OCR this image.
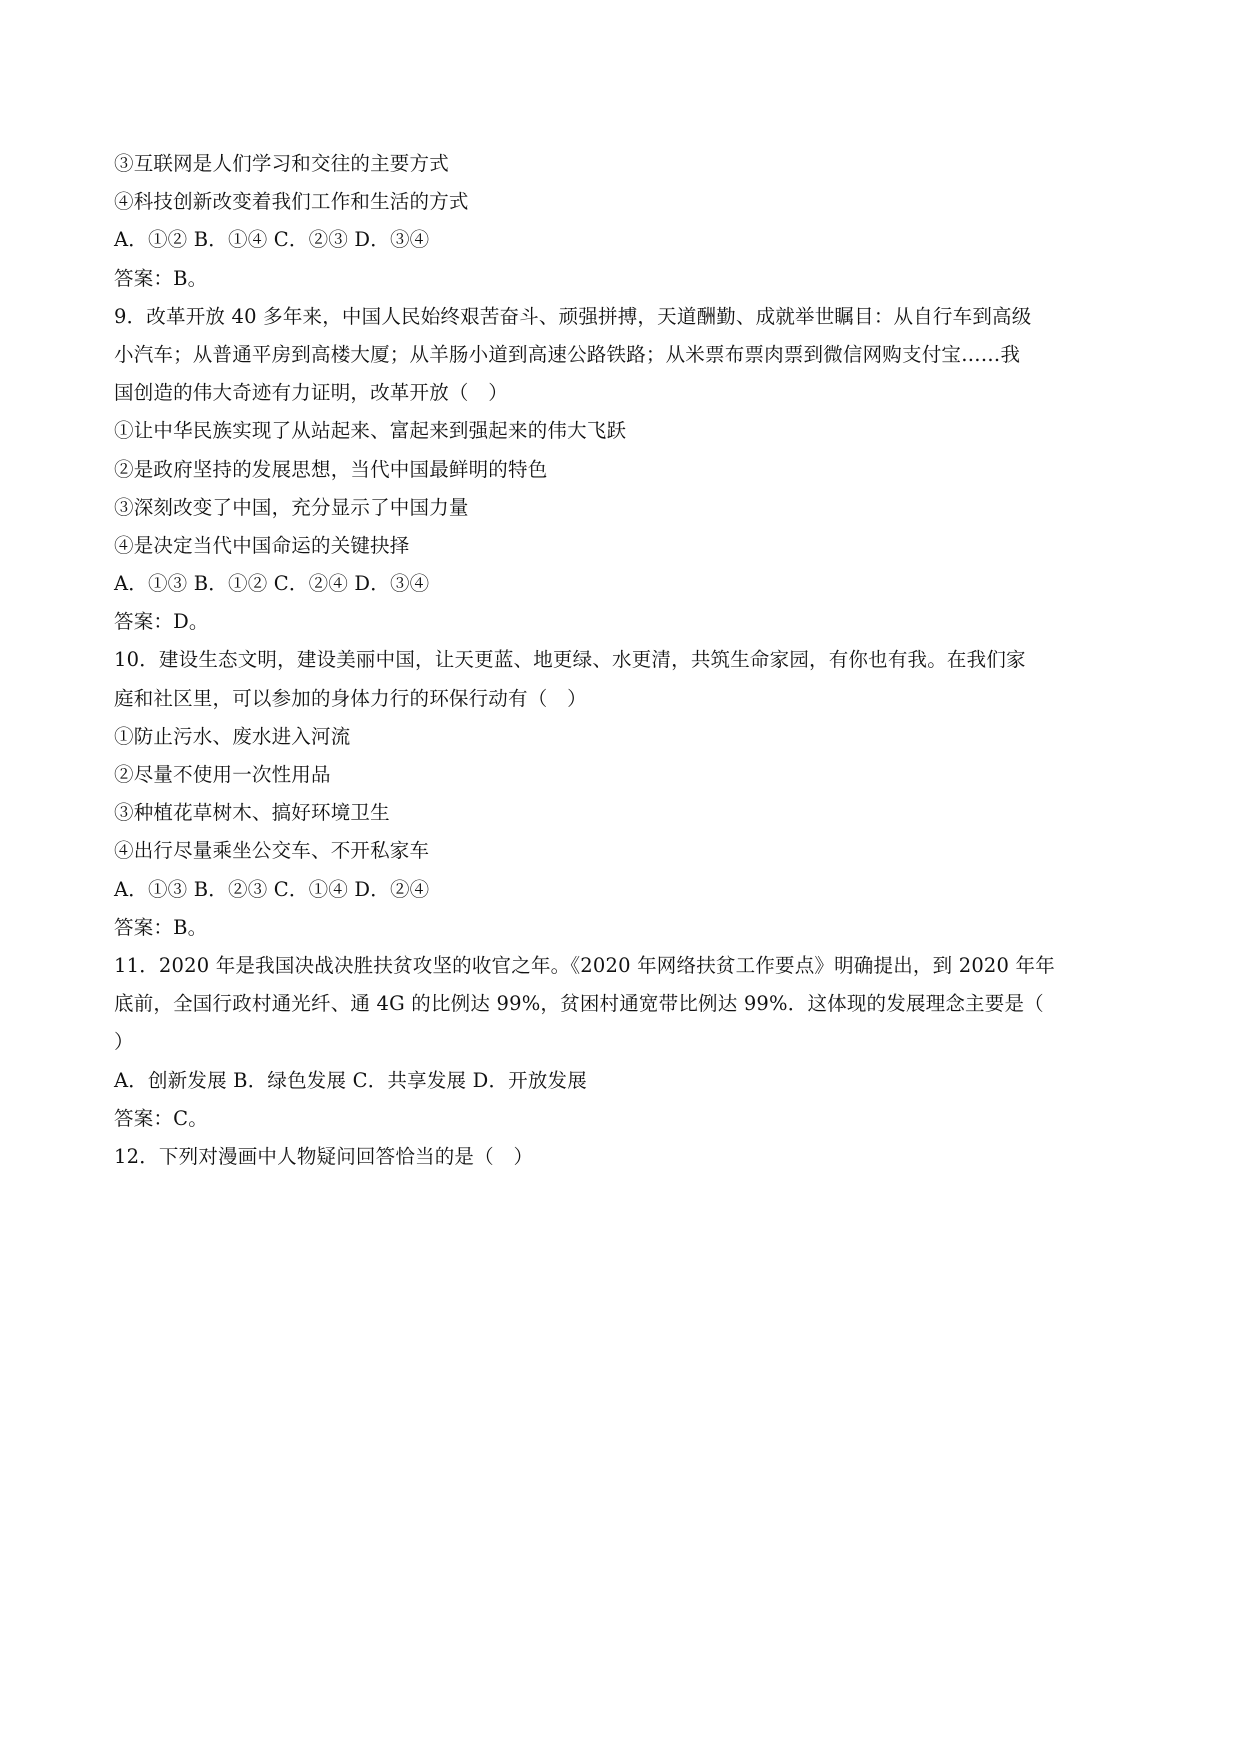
③互联网是人们学习和交往的主要方式
④科技创新改变着我们工作和生活的方式
A．①② B．①④ C．②③ D．③④
答案：B。
9．改革开放 40 多年来，中国人民始终艰苦奋斗、顽强拼搏，天道酬勤、成就举世瞩目：从自行车到高级
小汽车；从普通平房到高楼大厦；从羊肠小道到高速公路铁路；从米票布票肉票到微信网购支付宝……我
国创造的伟大奇迹有力证明，改革开放（　）
①让中华民族实现了从站起来、富起来到强起来的伟大飞跃
②是政府坚持的发展思想，当代中国最鲜明的特色
③深刻改变了中国，充分显示了中国力量
④是决定当代中国命运的关键抉择
A．①③ B．①② C．②④ D．③④
答案：D。
10．建设生态文明，建设美丽中国，让天更蓝、地更绿、水更清，共筑生命家园，有你也有我。在我们家
庭和社区里，可以参加的身体力行的环保行动有（　）
①防止污水、废水进入河流
②尽量不使用一次性用品
③种植花草树木、搞好环境卫生
④出行尽量乘坐公交车、不开私家车
A．①③ B．②③ C．①④ D．②④
答案：B。
11．2020 年是我国决战决胜扶贫攻坚的收官之年。《2020 年网络扶贫工作要点》明确提出，到 2020 年年
底前，全国行政村通光纤、通 4G 的比例达 99%，贫困村通宽带比例达 99%．这体现的发展理念主要是（
）
A．创新发展 B．绿色发展 C．共享发展 D．开放发展
答案：C。
12．下列对漫画中人物疑问回答恰当的是（　）
